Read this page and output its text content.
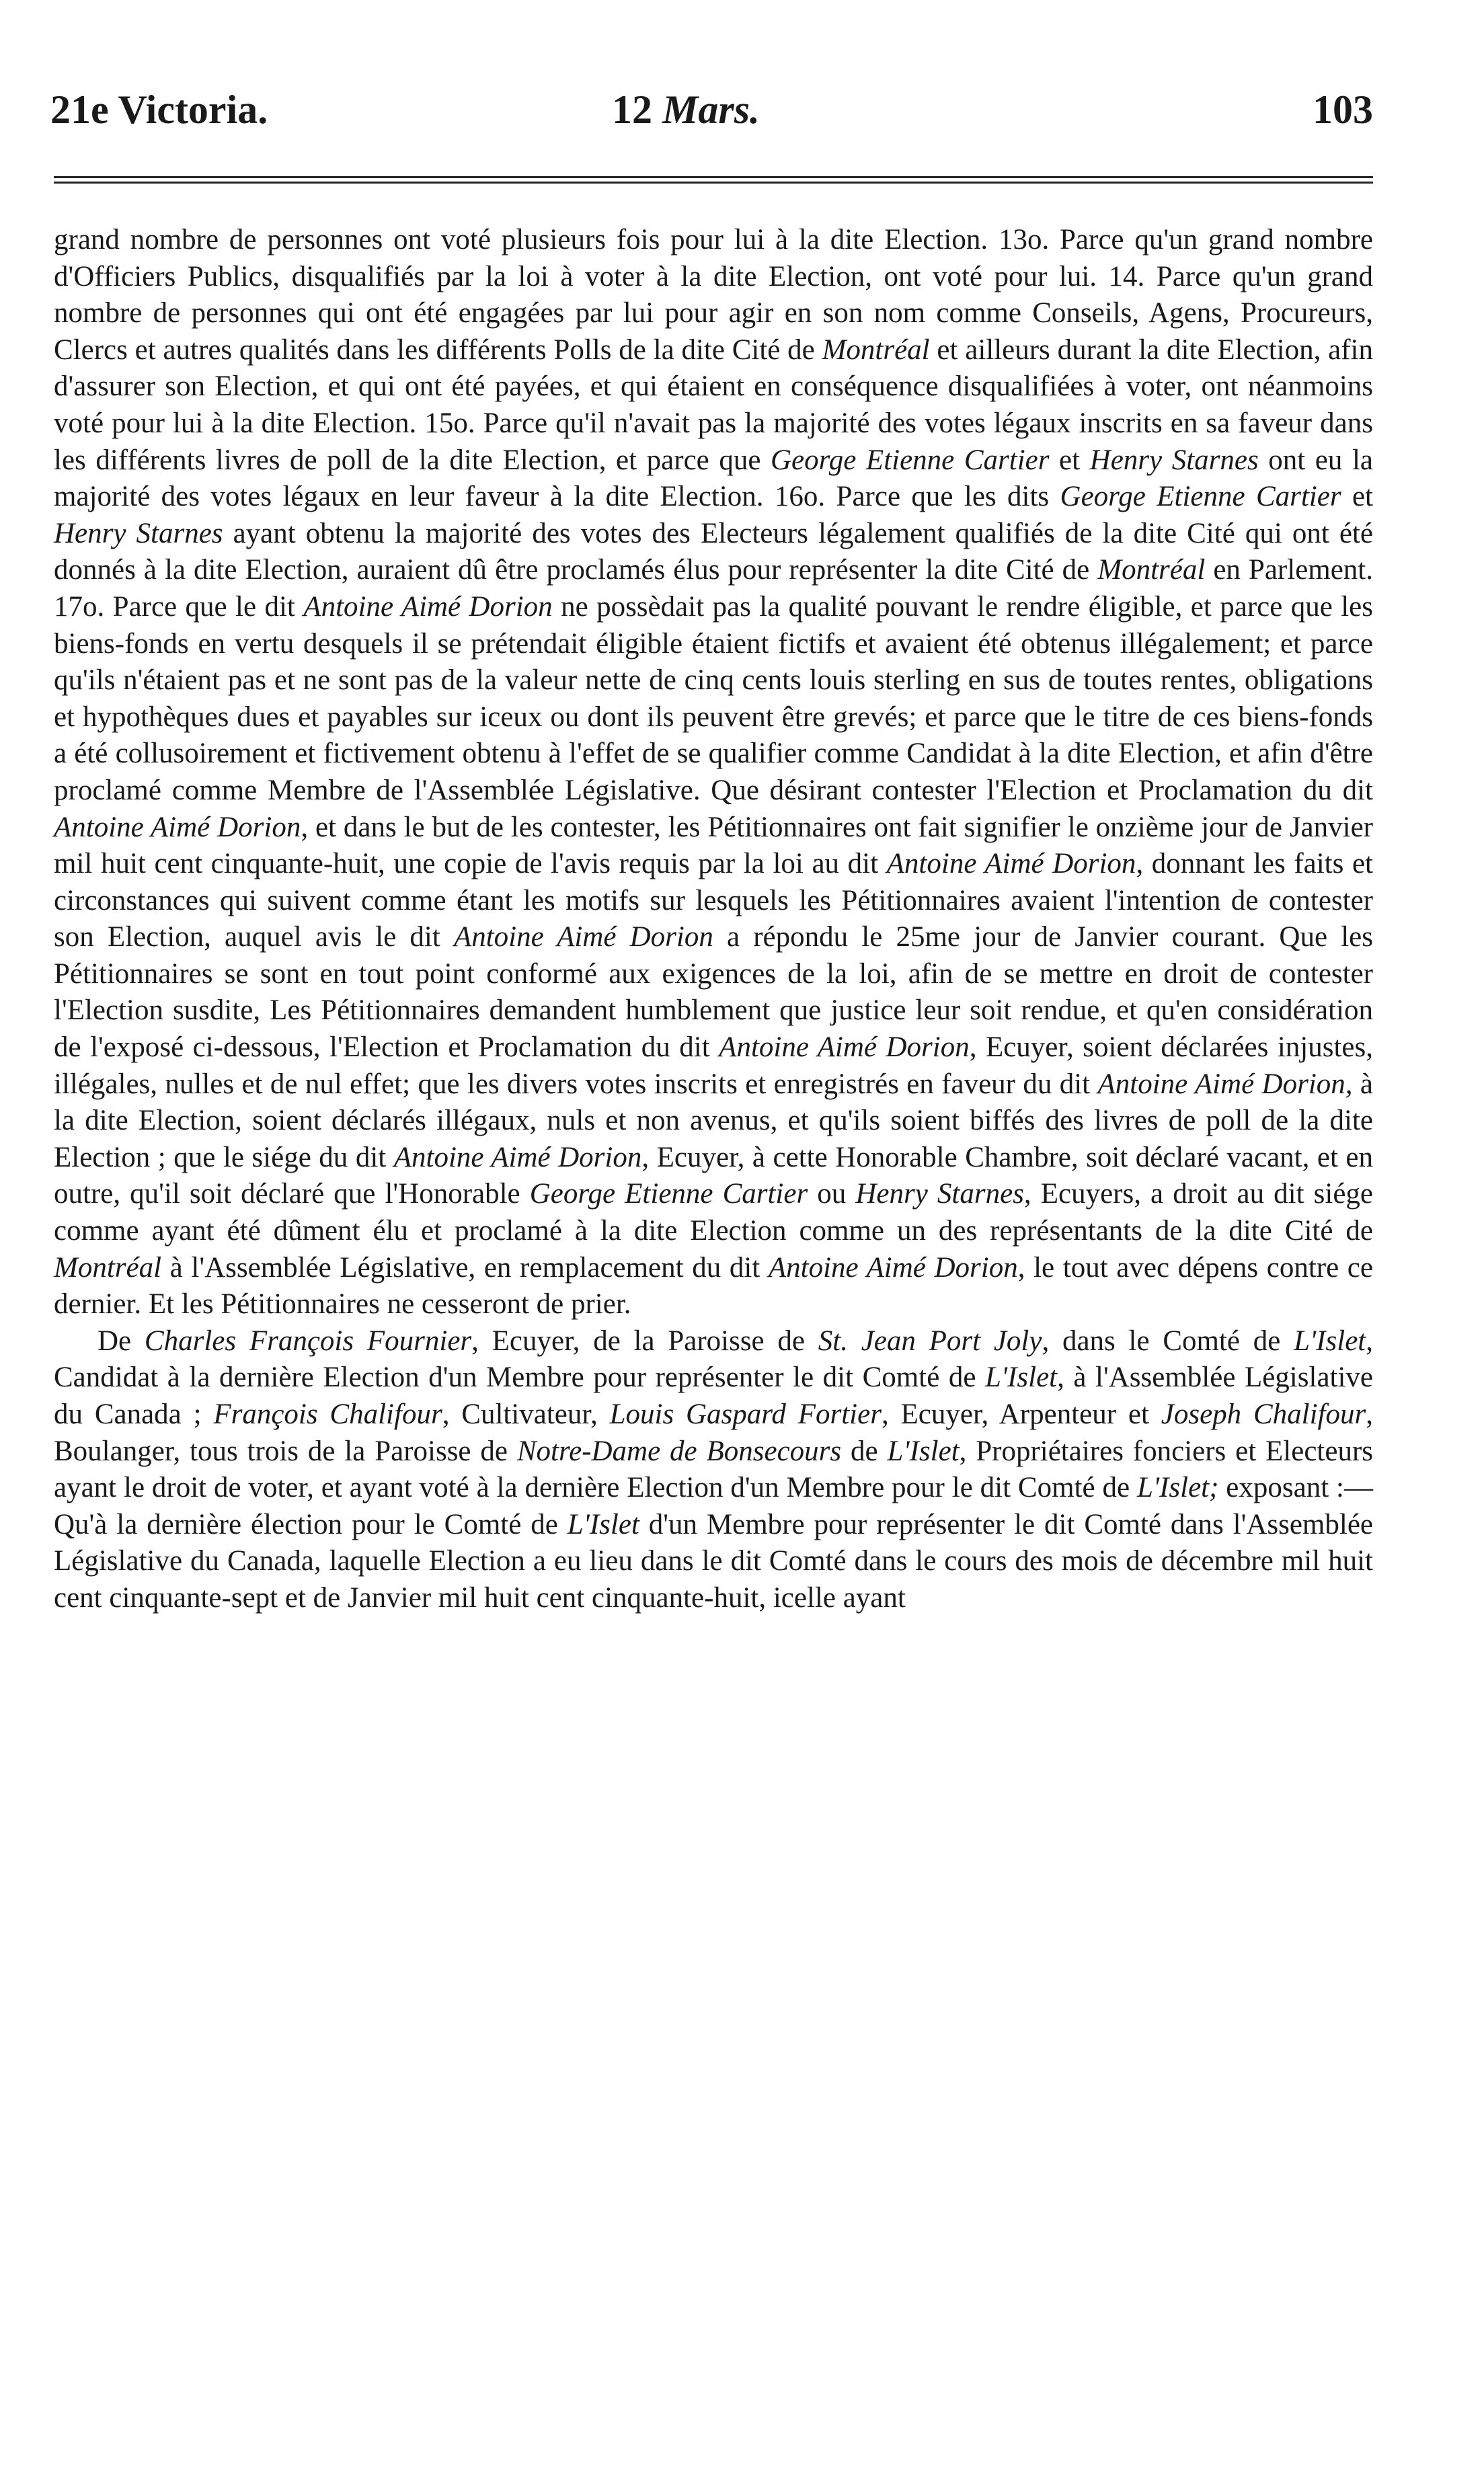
21e Victoria.	12 Mars.	103

grand nombre de personnes ont voté plusieurs fois pour lui à la dite Election. 13o. Parce qu'un grand nombre d'Officiers Publics, disqualifiés par la loi à voter à la dite Election, ont voté pour lui. 14. Parce qu'un grand nombre de personnes qui ont été engagées par lui pour agir en son nom comme Conseils, Agens, Procureurs, Clercs et autres qualités dans les différents Polls de la dite Cité de Montréal et ailleurs durant la dite Election, afin d'assurer son Election, et qui ont été payées, et qui étaient en conséquence disqualifiées à voter, ont néanmoins voté pour lui à la dite Election. 15o. Parce qu'il n'avait pas la majorité des votes légaux inscrits en sa faveur dans les différents livres de poll de la dite Election, et parce que George Etienne Cartier et Henry Starnes ont eu la majorité des votes légaux en leur faveur à la dite Election. 16o. Parce que les dits George Etienne Cartier et Henry Starnes ayant obtenu la majorité des votes des Electeurs légalement qualifiés de la dite Cité qui ont été donnés à la dite Election, auraient dû être proclamés élus pour représenter la dite Cité de Montréal en Parlement. 17o. Parce que le dit Antoine Aimé Dorion ne possèdait pas la qualité pouvant le rendre éligible, et parce que les biens-fonds en vertu desquels il se prétendait éligible étaient fictifs et avaient été obtenus illégalement; et parce qu'ils n'étaient pas et ne sont pas de la valeur nette de cinq cents louis sterling en sus de toutes rentes, obligations et hypothèques dues et payables sur iceux ou dont ils peuvent être grevés; et parce que le titre de ces biens-fonds a été collusoirement et fictivement obtenu à l'effet de se qualifier comme Candidat à la dite Election, et afin d'être proclamé comme Membre de l'Assemblée Législative. Que désirant contester l'Election et Proclamation du dit Antoine Aimé Dorion, et dans le but de les contester, les Pétitionnaires ont fait signifier le onzième jour de Janvier mil huit cent cinquante-huit, une copie de l'avis requis par la loi au dit Antoine Aimé Dorion, donnant les faits et circonstances qui suivent comme étant les motifs sur lesquels les Pétitionnaires avaient l'intention de contester son Election, auquel avis le dit Antoine Aimé Dorion a répondu le 25me jour de Janvier courant. Que les Pétitionnaires se sont en tout point conformé aux exigences de la loi, afin de se mettre en droit de contester l'Election susdite, Les Pétitionnaires demandent humblement que justice leur soit rendue, et qu'en considération de l'exposé ci-dessous, l'Election et Proclamation du dit Antoine Aimé Dorion, Ecuyer, soient déclarées injustes, illégales, nulles et de nul effet; que les divers votes inscrits et enregistrés en faveur du dit Antoine Aimé Dorion, à la dite Election, soient déclarés illégaux, nuls et non avenus, et qu'ils soient biffés des livres de poll de la dite Election ; que le siége du dit Antoine Aimé Dorion, Ecuyer, à cette Honorable Chambre, soit déclaré vacant, et en outre, qu'il soit déclaré que l'Honorable George Etienne Cartier ou Henry Starnes, Ecuyers, a droit au dit siége comme ayant été dûment élu et proclamé à la dite Election comme un des représentants de la dite Cité de Montréal à l'Assemblée Législative, en remplacement du dit Antoine Aimé Dorion, le tout avec dépens contre ce dernier. Et les Pétitionnaires ne cesseront de prier.

De Charles François Fournier, Ecuyer, de la Paroisse de St. Jean Port Joly, dans le Comté de L'Islet, Candidat à la dernière Election d'un Membre pour représenter le dit Comté de L'Islet, à l'Assemblée Législative du Canada ; François Chalifour, Cultivateur, Louis Gaspard Fortier, Ecuyer, Arpenteur et Joseph Chalifour, Boulanger, tous trois de la Paroisse de Notre-Dame de Bonsecours de L'Islet, Propriétaires fonciers et Electeurs ayant le droit de voter, et ayant voté à la dernière Election d'un Membre pour le dit Comté de L'Islet; exposant :—Qu'à la dernière élection pour le Comté de L'Islet d'un Membre pour représenter le dit Comté dans l'Assemblée Législative du Canada, laquelle Election a eu lieu dans le dit Comté dans le cours des mois de décembre mil huit cent cinquante-sept et de Janvier mil huit cent cinquante-huit, icelle ayant
